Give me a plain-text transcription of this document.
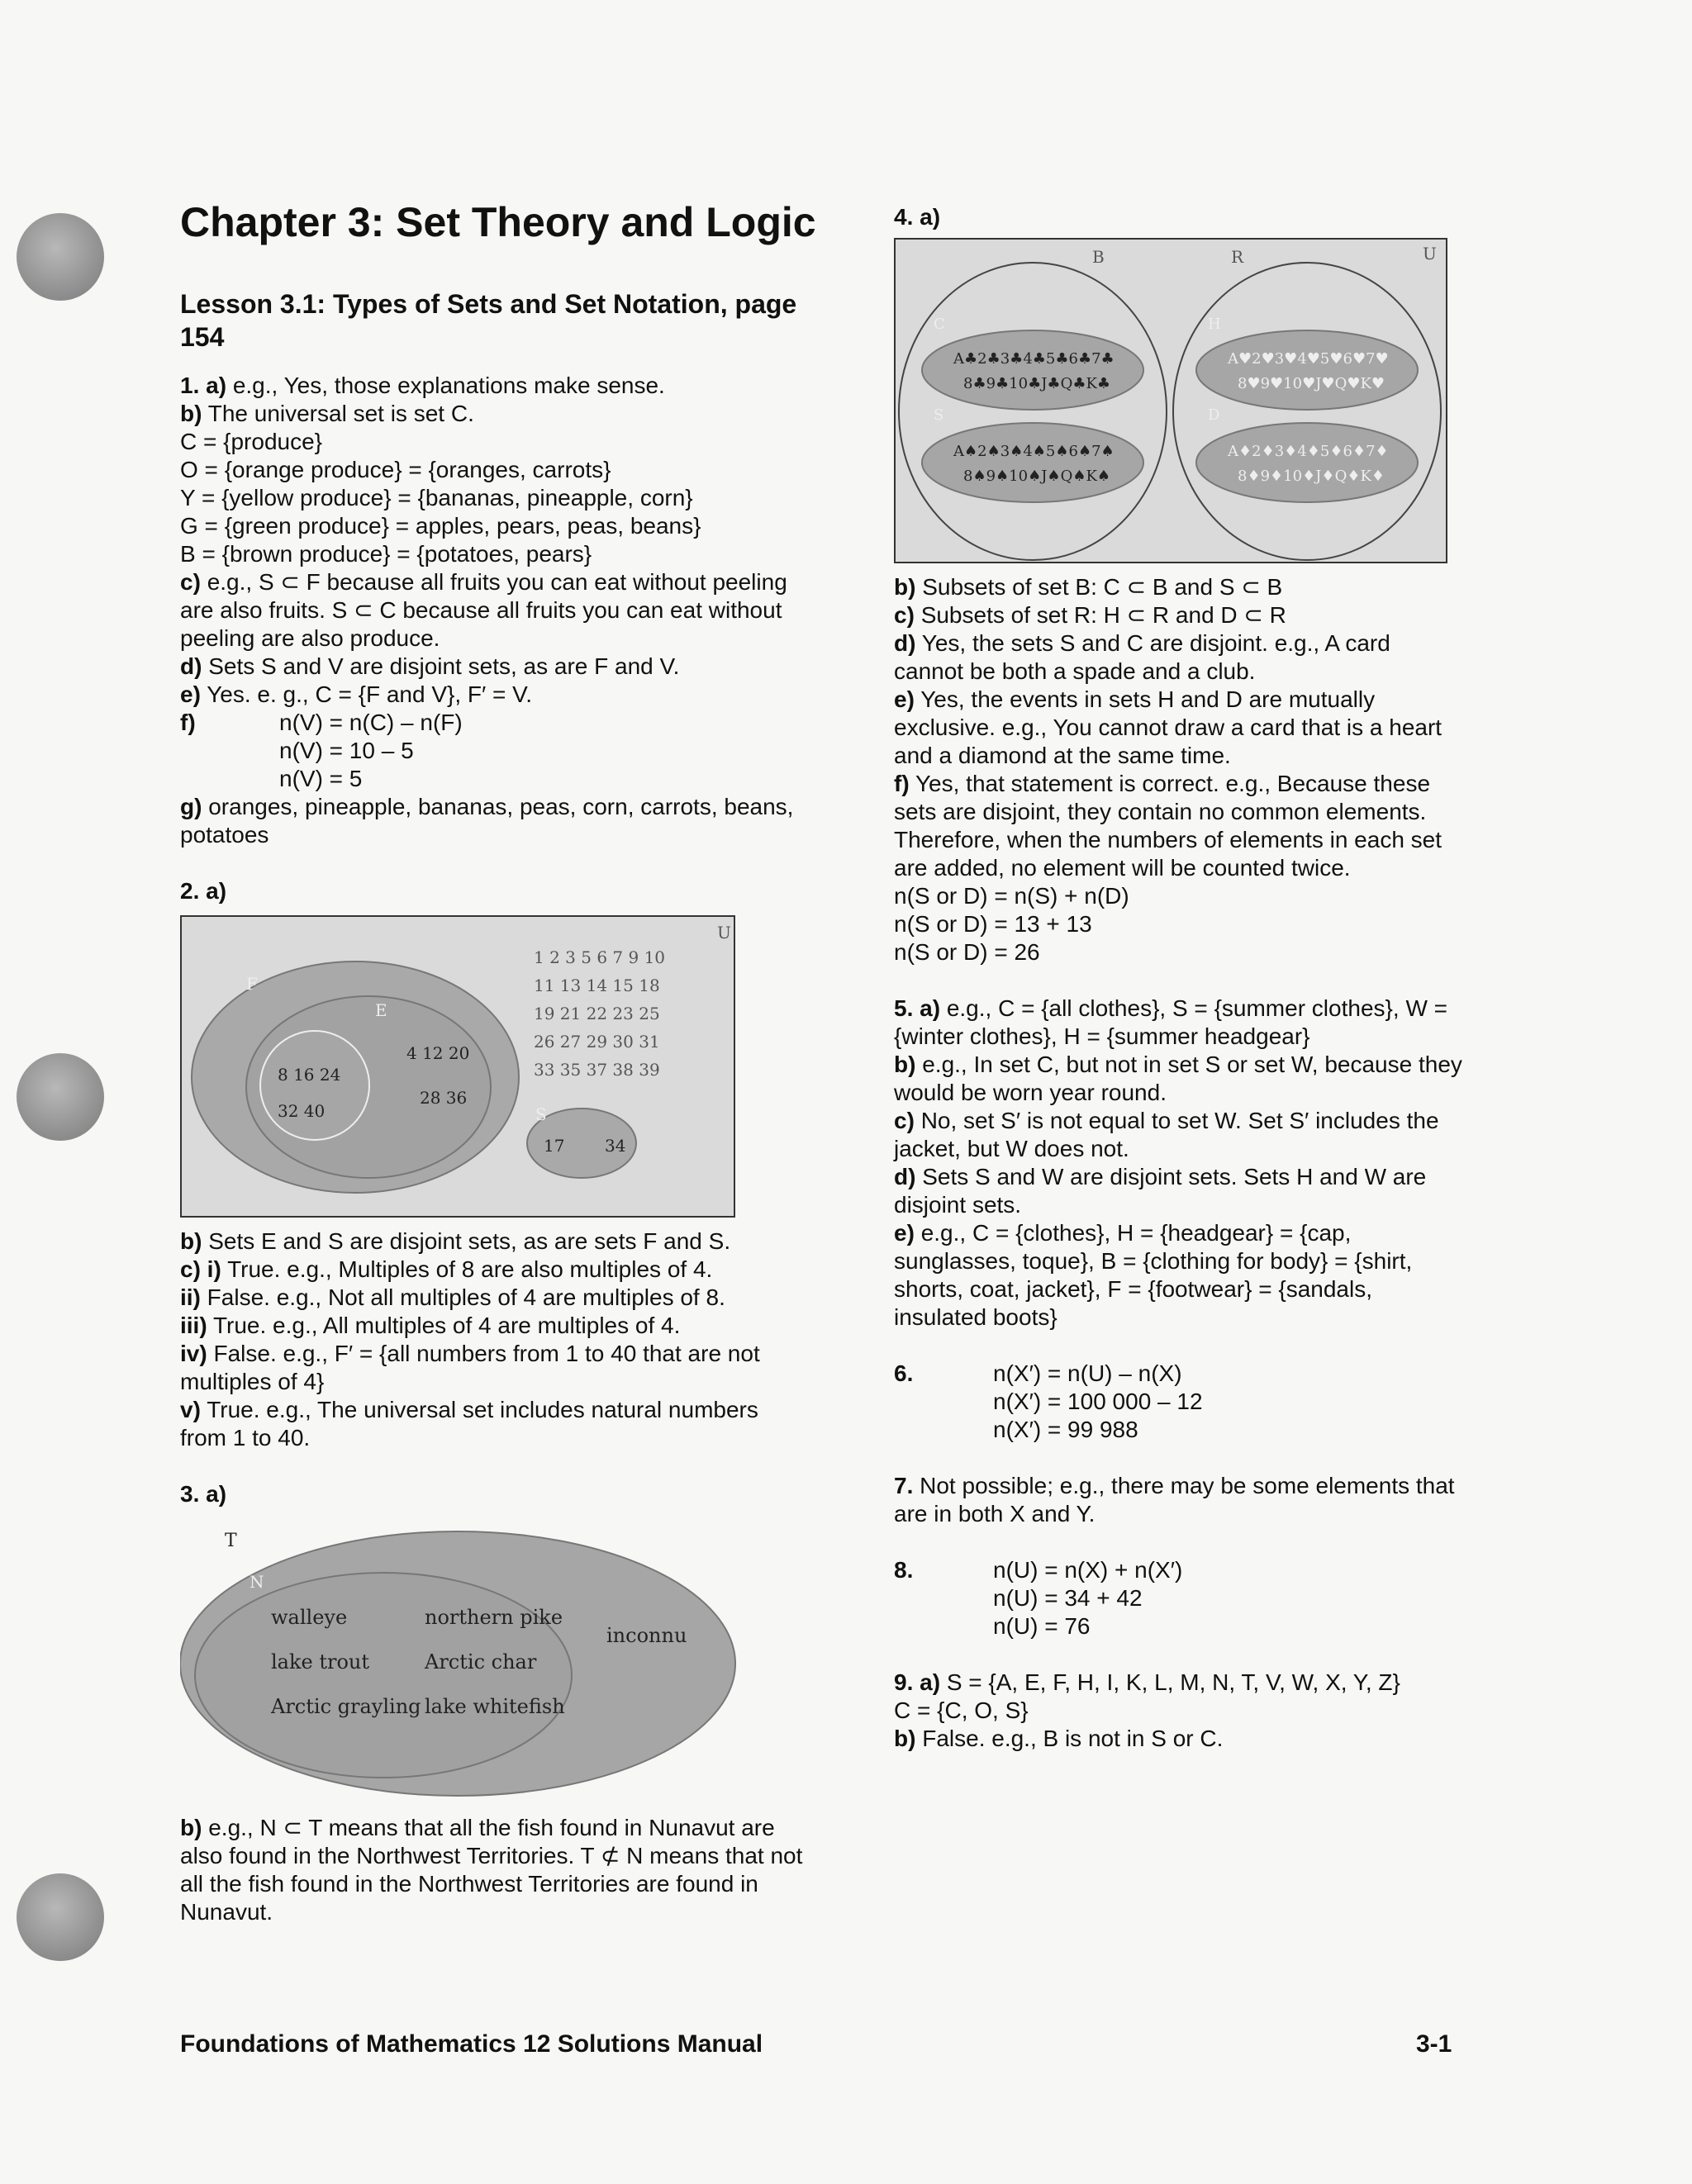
Chapter 3: Set Theory and Logic

Lesson 3.1: Types of Sets and Set Notation, page 154

1. a) e.g., Yes, those explanations make sense.

b) The universal set is set C.

C = {produce}

O = {orange produce} = {oranges, carrots}

Y = {yellow produce} = {bananas, pineapple, corn}

G = {green produce} = apples, pears, peas, beans}

B = {brown produce} = {potatoes, pears}

c) e.g., S ⊂ F because all fruits you can eat without peeling are also fruits. S ⊂ C because all fruits you can eat without peeling are also produce.

d) Sets S and V are disjoint sets, as are F and V.

e) Yes. e. g., C = {F and V}, F′ = V.

f)	n(V) = n(C) – n(F)
n(V) = 10 – 5
n(V) = 5

g) oranges, pineapple, bananas, peas, corn, carrots, beans, potatoes

2. a)

U
F
E
8 16 24
32 40
4 12 20
28 36
1 2 3 5 6 7 9 10
11 13 14 15 18
19 21 22 23 25
26 27 29 30 31
33 35 37 38 39
S
17 34

b) Sets E and S are disjoint sets, as are sets F and S.

c) i) True. e.g., Multiples of 8 are also multiples of 4.

ii) False. e.g., Not all multiples of 4 are multiples of 8.

iii) True. e.g., All multiples of 4 are multiples of 4.

iv) False. e.g., F′ = {all numbers from 1 to 40 that are not multiples of 4}

v) True. e.g., The universal set includes natural numbers from 1 to 40.

3. a)

T
N
walleye	northern pike
lake trout	Arctic char
Arctic grayling lake whitefish
inconnu

b) e.g., N ⊂ T means that all the fish found in Nunavut are also found in the Northwest Territories. T ⊄ N means that not all the fish found in the Northwest Territories are found in Nunavut.

4. a)

U
B	R
C
A♣2♣3♣4♣5♣6♣7♣
8♣9♣10♣J♣Q♣K♣
S
A♠2♠3♠4♠5♠6♠7♠
8♠9♠10♠J♠Q♠K♠
H
A♥2♥3♥4♥5♥6♥7♥
8♥9♥10♥J♥Q♥K♥
D
A♦2♦3♦4♦5♦6♦7♦
8♦9♦10♦J♦Q♦K♦

b) Subsets of set B: C ⊂ B and S ⊂ B

c) Subsets of set R: H ⊂ R and D ⊂ R

d) Yes, the sets S and C are disjoint. e.g., A card cannot be both a spade and a club.

e) Yes, the events in sets H and D are mutually exclusive. e.g., You cannot draw a card that is a heart and a diamond at the same time.

f) Yes, that statement is correct. e.g., Because these sets are disjoint, they contain no common elements. Therefore, when the numbers of elements in each set are added, no element will be counted twice.

n(S or D) = n(S) + n(D)

n(S or D) = 13 + 13

n(S or D) = 26

5. a) e.g., C = {all clothes}, S = {summer clothes}, W = {winter clothes}, H = {summer headgear}

b) e.g., In set C, but not in set S or set W, because they would be worn year round.

c) No, set S′ is not equal to set W. Set S′ includes the jacket, but W does not.

d) Sets S and W are disjoint sets. Sets H and W are disjoint sets.

e) e.g., C = {clothes}, H = {headgear} = {cap, sunglasses, toque}, B = {clothing for body} = {shirt, shorts, coat, jacket}, F = {footwear} = {sandals, insulated boots}

6.	n(X′) = n(U) – n(X)
n(X′) = 100 000 – 12
n(X′) = 99 988

7. Not possible; e.g., there may be some elements that are in both X and Y.

8.	n(U) = n(X) + n(X′)
n(U) = 34 + 42
n(U) = 76

9. a) S = {A, E, F, H, I, K, L, M, N, T, V, W, X, Y, Z}

C = {C, O, S}

b) False. e.g., B is not in S or C.

Foundations of Mathematics 12 Solutions Manual	3-1
